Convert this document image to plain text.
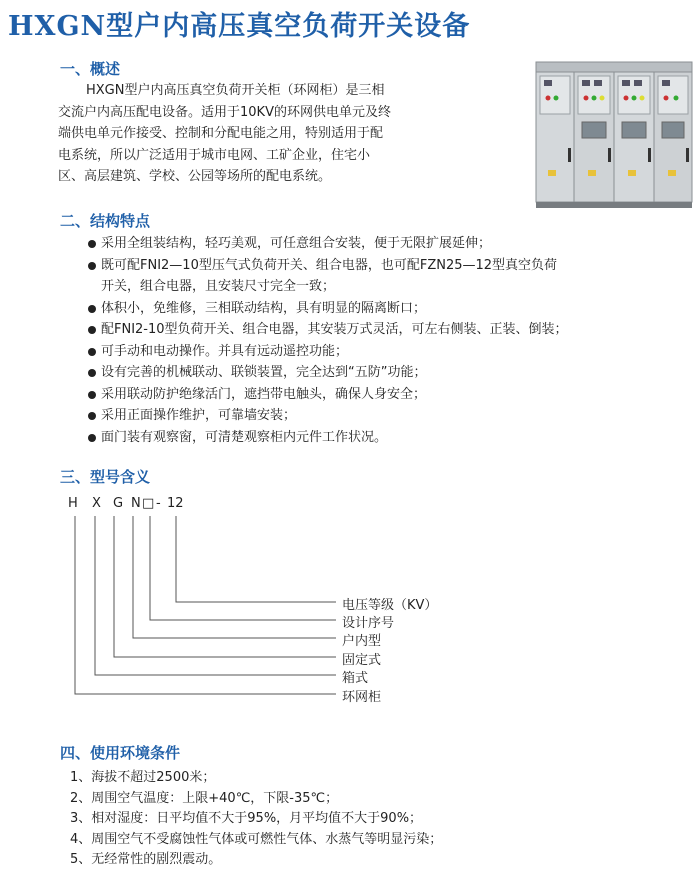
HXGN型户内高压真空负荷开关设备
一、概述
HXGN型户内高压真空负荷开关柜（环网柜）是三相
交流户内高压配电设备。适用于10KV的环网供电单元及终
端供电单元作接受、控制和分配电能之用，特别适用于配
电系统，所以广泛适用于城市电网、工矿企业，住宅小
区、高层建筑、学校、公园等场所的配电系统。
二、结构特点
采用全组装结构，轻巧美观，可任意组合安装，便于无限扩展延伸；
既可配FNI2—10型压气式负荷开关、组合电器，也可配FZN25—12型真空负荷
开关，组合电器，且安装尺寸完全一致；
体积小，免维修，三相联动结构，具有明显的隔离断口；
配FNI2-10型负荷开关、组合电器，其安装万式灵活，可左右侧装、正装、倒装；
可手动和电动操作。并具有远动遥控功能；
设有完善的机械联动、联锁装置，完全达到“五防”功能；
采用联动防护绝缘活门，遮挡带电触头，确保人身安全；
采用正面操作维护，可靠墙安装；
面门装有观察窗，可清楚观察柜内元件工作状况。
三、型号含义
H X G N □ - 12
电压等级（KV）
设计序号
户内型
固定式
箱式
环网柜
四、使用环境条件
1、海拔不超过2500米；
2、周围空气温度：上限+40℃，下限-35℃；
3、相对湿度：日平均值不大于95%，月平均值不大于90%；
4、周围空气不受腐蚀性气体或可燃性气体、水蒸气等明显污染；
5、无经常性的剧烈震动。
